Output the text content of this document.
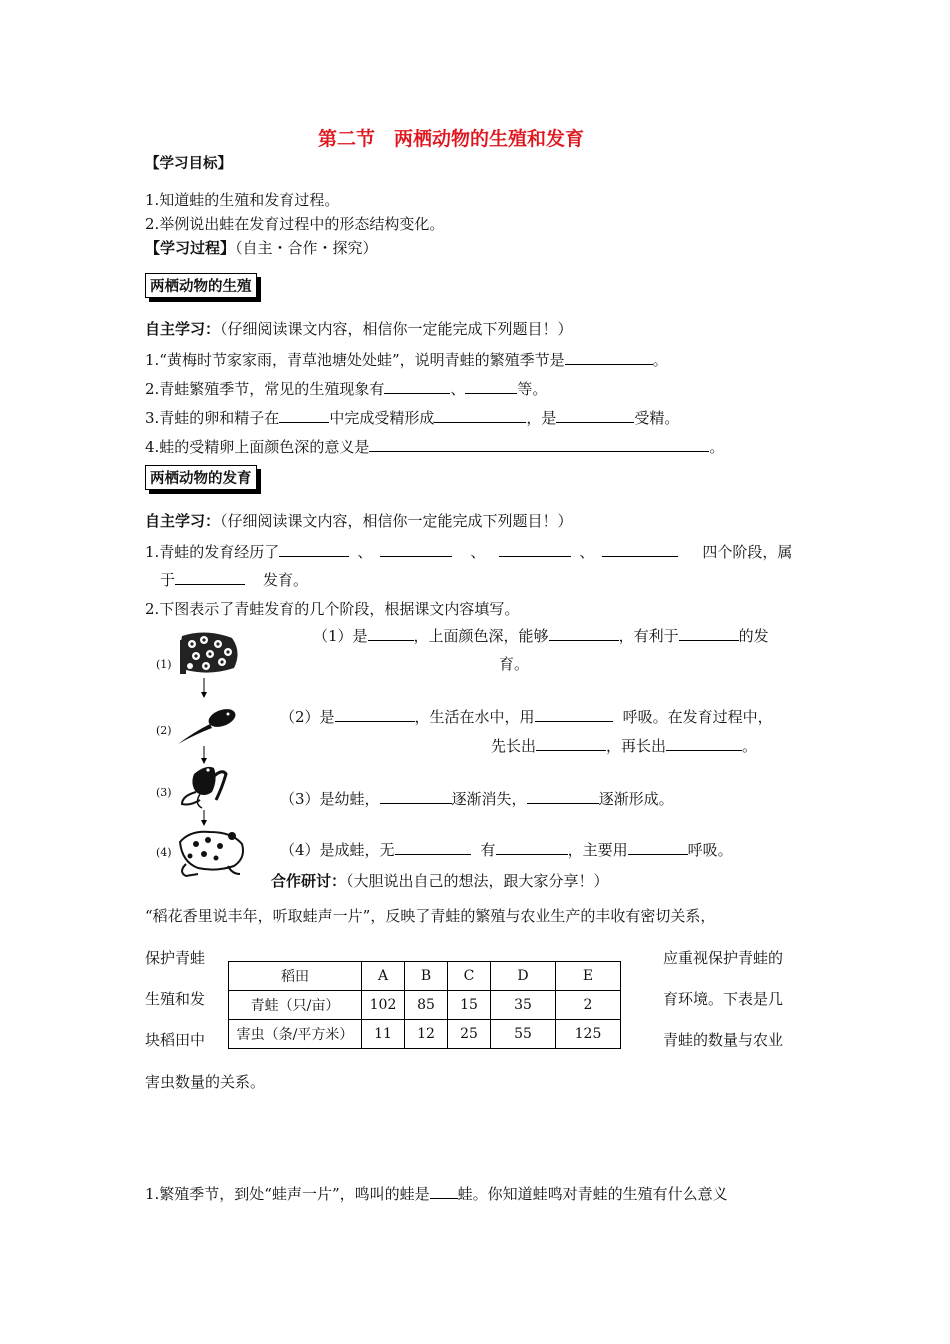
第二节　两栖动物的生殖和发育
【学习目标】
1.知道蛙的生殖和发育过程。
2.举例说出蛙在发育过程中的形态结构变化。
【学习过程】（自主・合作・探究）
两栖动物的生殖
自主学习：（仔细阅读课文内容，相信你一定能完成下列题目！）
1.“黄梅时节家家雨，青草池塘处处蛙”，说明青蛙的繁殖季节是	。
2.青蛙繁殖季节，常见的生殖现象有	、	等。
3.青蛙的卵和精子在	中完成受精形成	，是	受精。
4.蛙的受精卵上面颜色深的意义是	。
两栖动物的发育
自主学习：（仔细阅读课文内容，相信你一定能完成下列题目！）
1.青蛙的发育经历了	、	、	、	四个阶段，属
于	发育。
2.下图表示了青蛙发育的几个阶段，根据课文内容填写。
(1)
(2)
(3)
(4)
（1）是	，上面颜色深，能够	，有利于	的发
育。
（2）是	，生活在水中，用	呼吸。在发育过程中，
先长出	，再长出	。
（3）是幼蛙，	逐渐消失，	逐渐形成。
（4）是成蛙，无	有	，主要用	呼吸。
合作研讨：（大胆说出自己的想法，跟大家分享！）
“稻花香里说丰年，听取蛙声一片”，反映了青蛙的繁殖与农业生产的丰收有密切关系，
保护青蛙
生殖和发
块稻田中
应重视保护青蛙的
育环境。下表是几
青蛙的数量与农业
稻田	A	B	C	D	E
青蛙（只/亩）	102	85	15	35	2
害虫（条/平方米）	11	12	25	55	125
害虫数量的关系。
1.繁殖季节，到处“蛙声一片”，鸣叫的蛙是 蛙。你知道蛙鸣对青蛙的生殖有什么意义
